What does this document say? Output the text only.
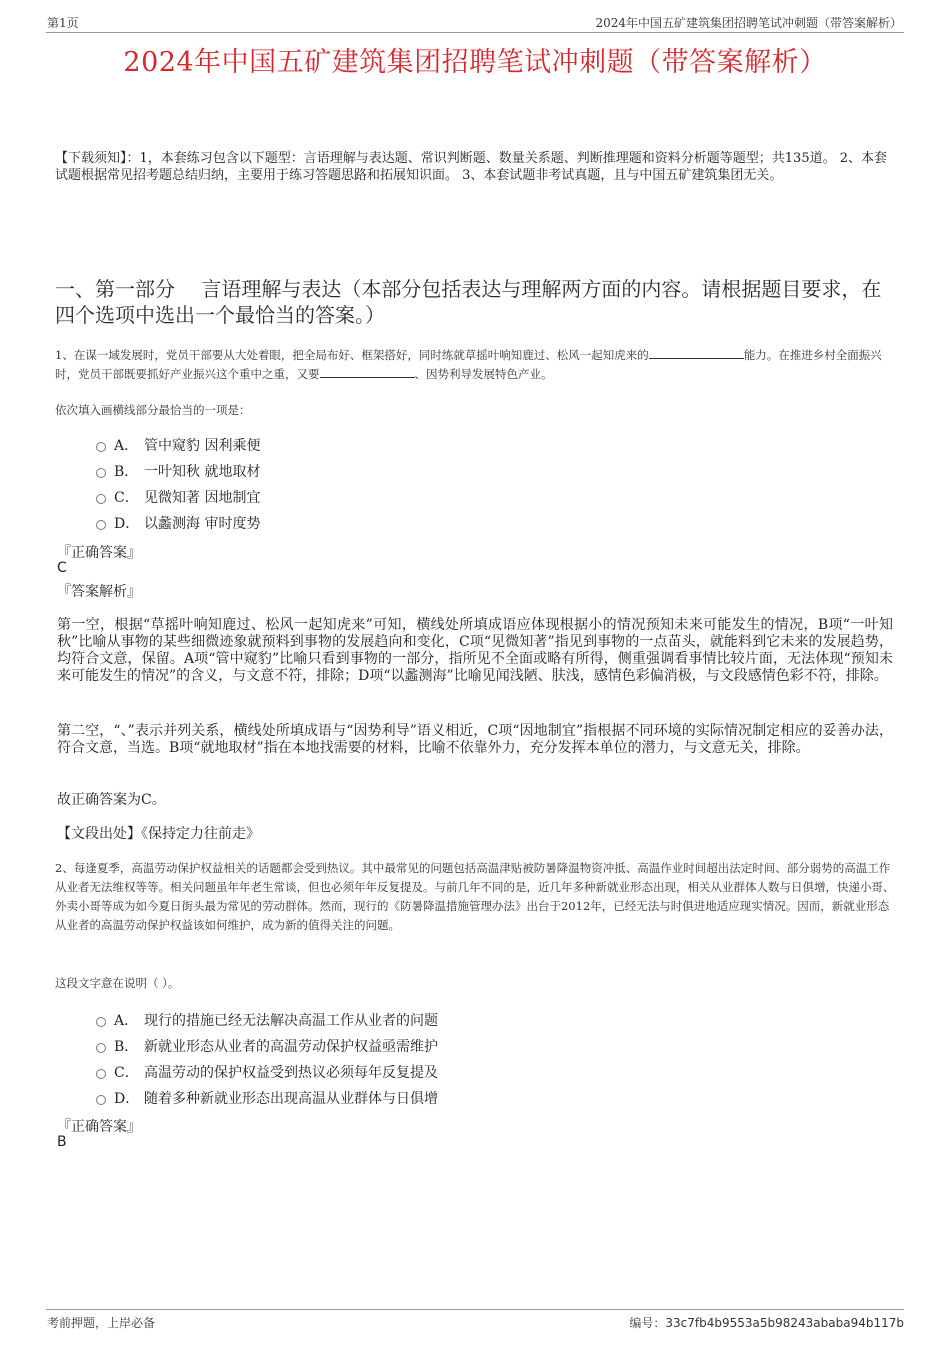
第1页	2024年中国五矿建筑集团招聘笔试冲刺题（带答案解析）
2024年中国五矿建筑集团招聘笔试冲刺题（带答案解析）
【下载须知】：1，本套练习包含以下题型：言语理解与表达题、常识判断题、数量关系题、判断推理题和资料分析题等题型；共135道。 2、本套试题根据常见招考题总结归纳，主要用于练习答题思路和拓展知识面。 3、本套试题非考试真题，且与中国五矿建筑集团无关。
一、第一部分　 言语理解与表达（本部分包括表达与理解两方面的内容。请根据题目要求，在四个选项中选出一个最恰当的答案。）
1、在谋一域发展时，党员干部要从大处着眼，把全局布好、框架搭好，同时练就草摇叶响知鹿过、松风一起知虎来的	能力。在推进乡村全面振兴时，党员干部既要抓好产业振兴这个重中之重，又要	、因势利导发展特色产业。
依次填入画横线部分最恰当的一项是：
A． 管中窥豹 因利乘便
B． 一叶知秋 就地取材
C． 见微知著 因地制宜
D． 以蠡测海 审时度势
『正确答案』
C
『答案解析』
第一空，根据“草摇叶响知鹿过、松风一起知虎来”可知，横线处所填成语应体现根据小的情况预知未来可能发生的情况，B项“一叶知秋”比喻从事物的某些细微迹象就预料到事物的发展趋向和变化，C项“见微知著”指见到事物的一点苗头，就能料到它未来的发展趋势，均符合文意，保留。A项“管中窥豹”比喻只看到事物的一部分，指所见不全面或略有所得，侧重强调看事情比较片面，无法体现“预知未来可能发生的情况”的含义，与文意不符，排除；D项“以蠡测海”比喻见闻浅陋、肤浅，感情色彩偏消极，与文段感情色彩不符，排除。
第二空，“、”表示并列关系，横线处所填成语与“因势利导”语义相近，C项“因地制宜”指根据不同环境的实际情况制定相应的妥善办法，符合文意，当选。B项“就地取材”指在本地找需要的材料，比喻不依靠外力，充分发挥本单位的潜力，与文意无关，排除。
故正确答案为C。
【文段出处】《保持定力往前走》
2、每逢夏季，高温劳动保护权益相关的话题都会受到热议。其中最常见的问题包括高温津贴被防暑降温物资冲抵、高温作业时间超出法定时间、部分弱势的高温工作从业者无法维权等等。相关问题虽年年老生常谈，但也必须年年反复提及。与前几年不同的是，近几年多种新就业形态出现，相关从业群体人数与日俱增，快递小哥、外卖小哥等成为如今夏日街头最为常见的劳动群体。然而，现行的《防暑降温措施管理办法》出台于2012年，已经无法与时俱进地适应现实情况。因而，新就业形态从业者的高温劳动保护权益该如何维护，成为新的值得关注的问题。
这段文字意在说明（ ）。
A． 现行的措施已经无法解决高温工作从业者的问题
B． 新就业形态从业者的高温劳动保护权益亟需维护
C． 高温劳动的保护权益受到热议必须每年反复提及
D． 随着多种新就业形态出现高温从业群体与日俱增
『正确答案』
B
考前押题，上岸必备	编号：33c7fb4b9553a5b98243ababa94b117b
